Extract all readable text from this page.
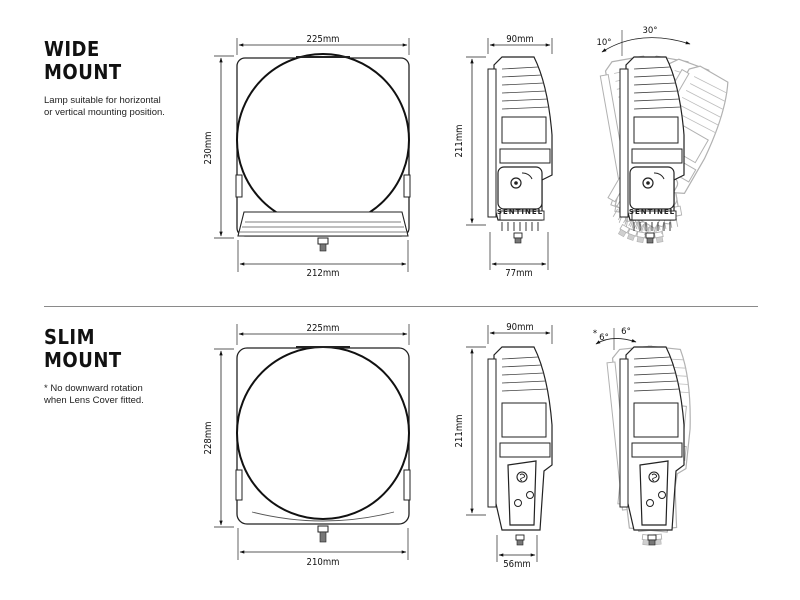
WIDE
MOUNT
Lamp suitable for horizontal
or vertical mounting position.
SLIM
MOUNT
* No downward rotation
when Lens Cover fitted.
225mm
230mm
212mm
SENTINEL
90mm
211mm
77mm
SENTINEL
10°
30°
225mm
228mm
210mm
90mm
211mm
56mm
* 6°
6°
